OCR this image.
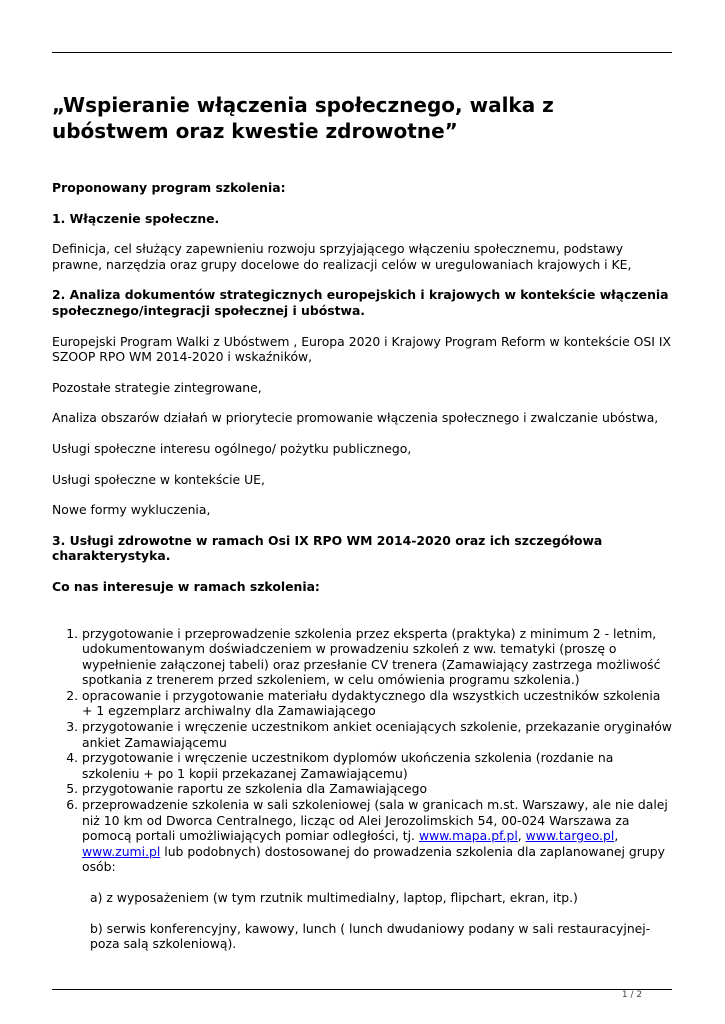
„Wspieranie włączenia społecznego, walka z ubóstwem oraz kwestie zdrowotne”

Proponowany program szkolenia:

1. Włączenie społeczne.

Definicja, cel służący zapewnieniu rozwoju sprzyjającego włączeniu społecznemu, podstawy prawne, narzędzia oraz grupy docelowe do realizacji celów w uregulowaniach krajowych i KE,

2. Analiza dokumentów strategicznych europejskich i krajowych w kontekście włączenia społecznego/integracji społecznej i ubóstwa.

Europejski Program Walki z Ubóstwem , Europa 2020 i Krajowy Program Reform w kontekście OSI IX SZOOP RPO WM 2014-2020 i wskaźników,

Pozostałe strategie zintegrowane,

Analiza obszarów działań w priorytecie promowanie włączenia społecznego i zwalczanie ubóstwa,

Usługi społeczne interesu ogólnego/ pożytku publicznego,

Usługi społeczne w kontekście UE,

Nowe formy wykluczenia,

3. Usługi zdrowotne w ramach Osi IX RPO WM 2014-2020 oraz ich szczegółowa charakterystyka.

Co nas interesuje w ramach szkolenia:

1. przygotowanie i przeprowadzenie szkolenia przez eksperta (praktyka) z minimum 2 - letnim, udokumentowanym doświadczeniem w prowadzeniu szkoleń z ww. tematyki (proszę o wypełnienie załączonej tabeli) oraz przesłanie CV trenera (Zamawiający zastrzega możliwość spotkania z trenerem przed szkoleniem, w celu omówienia programu szkolenia.)
2. opracowanie i przygotowanie materiału dydaktycznego dla wszystkich uczestników szkolenia + 1 egzemplarz archiwalny dla Zamawiającego
3. przygotowanie i wręczenie uczestnikom ankiet oceniających szkolenie, przekazanie oryginałów ankiet Zamawiającemu
4. przygotowanie i wręczenie uczestnikom dyplomów ukończenia szkolenia (rozdanie na szkoleniu + po 1 kopii przekazanej Zamawiającemu)
5. przygotowanie raportu ze szkolenia dla Zamawiającego
6. przeprowadzenie szkolenia w sali szkoleniowej (sala w granicach m.st. Warszawy, ale nie dalej niż 10 km od Dworca Centralnego, licząc od Alei Jerozolimskich 54, 00-024 Warszawa za pomocą portali umożliwiających pomiar odległości, tj. www.mapa.pf.pl, www.targeo.pl, www.zumi.pl lub podobnych) dostosowanej do prowadzenia szkolenia dla zaplanowanej grupy osób:

a) z wyposażeniem (w tym rzutnik multimedialny, laptop, flipchart, ekran, itp.)

b) serwis konferencyjny, kawowy, lunch ( lunch dwudaniowy podany w sali restauracyjnej- poza salą szkoleniową).

1 / 2
